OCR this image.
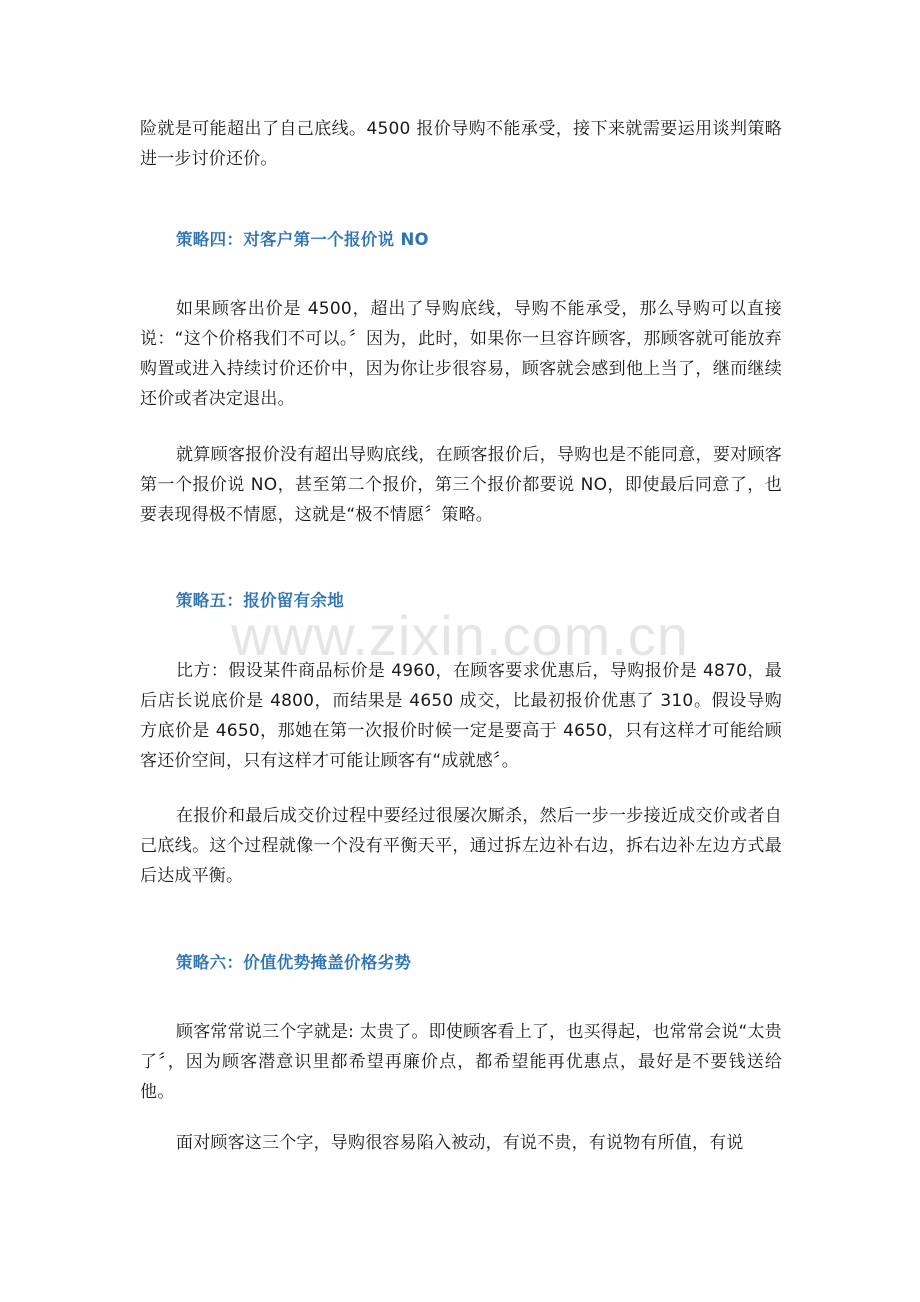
险就是可能超出了自己底线。4500 报价导购不能承受，接下来就需要运用谈判策略进一步讨价还价。

策略四：对客户第一个报价说 NO

如果顾客出价是 4500，超出了导购底线，导购不能承受，那么导购可以直接说：“这个价格我们不可以。〞因为，此时，如果你一旦容许顾客，那顾客就可能放弃购置或进入持续讨价还价中，因为你让步很容易，顾客就会感到他上当了，继而继续还价或者决定退出。

就算顾客报价没有超出导购底线，在顾客报价后，导购也是不能同意，要对顾客第一个报价说 NO，甚至第二个报价，第三个报价都要说 NO，即使最后同意了，也要表现得极不情愿，这就是“极不情愿〞策略。

策略五：报价留有余地

比方：假设某件商品标价是 4960，在顾客要求优惠后，导购报价是 4870，最后店长说底价是 4800，而结果是 4650 成交，比最初报价优惠了 310。假设导购方底价是 4650，那她在第一次报价时候一定是要高于 4650，只有这样才可能给顾客还价空间，只有这样才可能让顾客有“成就感〞。

在报价和最后成交价过程中要经过很屡次厮杀，然后一步一步接近成交价或者自己底线。这个过程就像一个没有平衡天平，通过拆左边补右边，拆右边补左边方式最后达成平衡。

策略六：价值优势掩盖价格劣势

顾客常常说三个字就是: 太贵了。即使顾客看上了，也买得起，也常常会说“太贵了〞，因为顾客潜意识里都希望再廉价点，都希望能再优惠点，最好是不要钱送给他。

面对顾客这三个字，导购很容易陷入被动，有说不贵，有说物有所值，有说

www.zixin.com.cn
